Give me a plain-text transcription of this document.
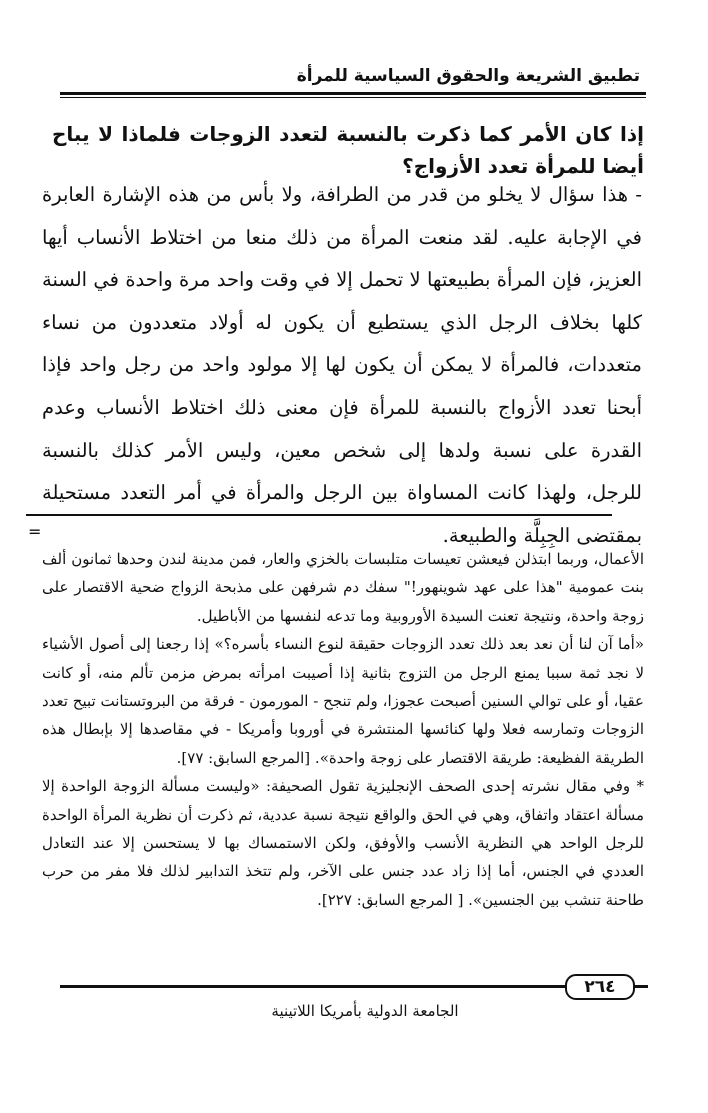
تطبيق الشريعة والحقوق السياسية للمرأة
إذا كان الأمر كما ذكرت بالنسبة لتعدد الزوجات فلماذا لا يباح أيضا للمرأة تعدد الأزواج؟
- هذا سؤال لا يخلو من قدر من الطرافة، ولا بأس من هذه الإشارة العابرة في الإجابة عليه. لقد منعت المرأة من ذلك منعا من اختلاط الأنساب أيها العزيز، فإن المرأة بطبيعتها لا تحمل إلا في وقت واحد مرة واحدة في السنة كلها بخلاف الرجل الذي يستطيع أن يكون له أولاد متعددون من نساء متعددات، فالمرأة لا يمكن أن يكون لها إلا مولود واحد من رجل واحد فإذا أبحنا تعدد الأزواج بالنسبة للمرأة فإن معنى ذلك اختلاط الأنساب وعدم القدرة على نسبة ولدها إلى شخص معين، وليس الأمر كذلك بالنسبة للرجل، ولهذا كانت المساواة بين الرجل والمرأة في أمر التعدد مستحيلة بمقتضى الجِبِلَّة والطبيعة.
=

الأعمال، وربما ابتذلن فيعشن تعيسات متلبسات بالخزي والعار، فمن مدينة لندن وحدها ثمانون ألف بنت عمومية "هذا على عهد شوينهور!" سفك دم شرفهن على مذبحة الزواج ضحية الاقتصار على زوجة واحدة، ونتيجة تعنت السيدة الأوروبية وما تدعه لنفسها من الأباطيل.

«أما آن لنا أن نعد بعد ذلك تعدد الزوجات حقيقة لنوع النساء بأسره؟» إذا رجعنا إلى أصول الأشياء لا نجد ثمة سببا يمنع الرجل من التزوج بثانية إذا أصيبت امرأته بمرض مزمن تألم منه، أو كانت عقيا، أو على توالي السنين أصبحت عجوزا، ولم تنجح - المورمون - فرقة من البروتستانت تبيح تعدد الزوجات وتمارسه فعلا ولها كنائسها المنتشرة في أوروبا وأمريكا - في مقاصدها إلا بإبطال هذه الطريقة الفظيعة: طريقة الاقتصار على زوجة واحدة». [المرجع السابق: ٧٧].

* وفي مقال نشرته إحدى الصحف الإنجليزية تقول الصحيفة: «وليست مسألة الزوجة الواحدة إلا مسألة اعتقاد واتفاق، وهي في الحق والواقع نتيجة نسبة عددية، ثم ذكرت أن نظرية المرأة الواحدة للرجل الواحد هي النظرية الأنسب والأوفق، ولكن الاستمساك بها لا يستحسن إلا عند التعادل العددي في الجنس، أما إذا زاد عدد جنس على الآخر، ولم تتخذ التدابير لذلك فلا مفر من حرب طاحنة تنشب بين الجنسين». [ المرجع السابق: ٢٢٧].

٢٦٤
الجامعة الدولية بأمريكا اللاتينية
